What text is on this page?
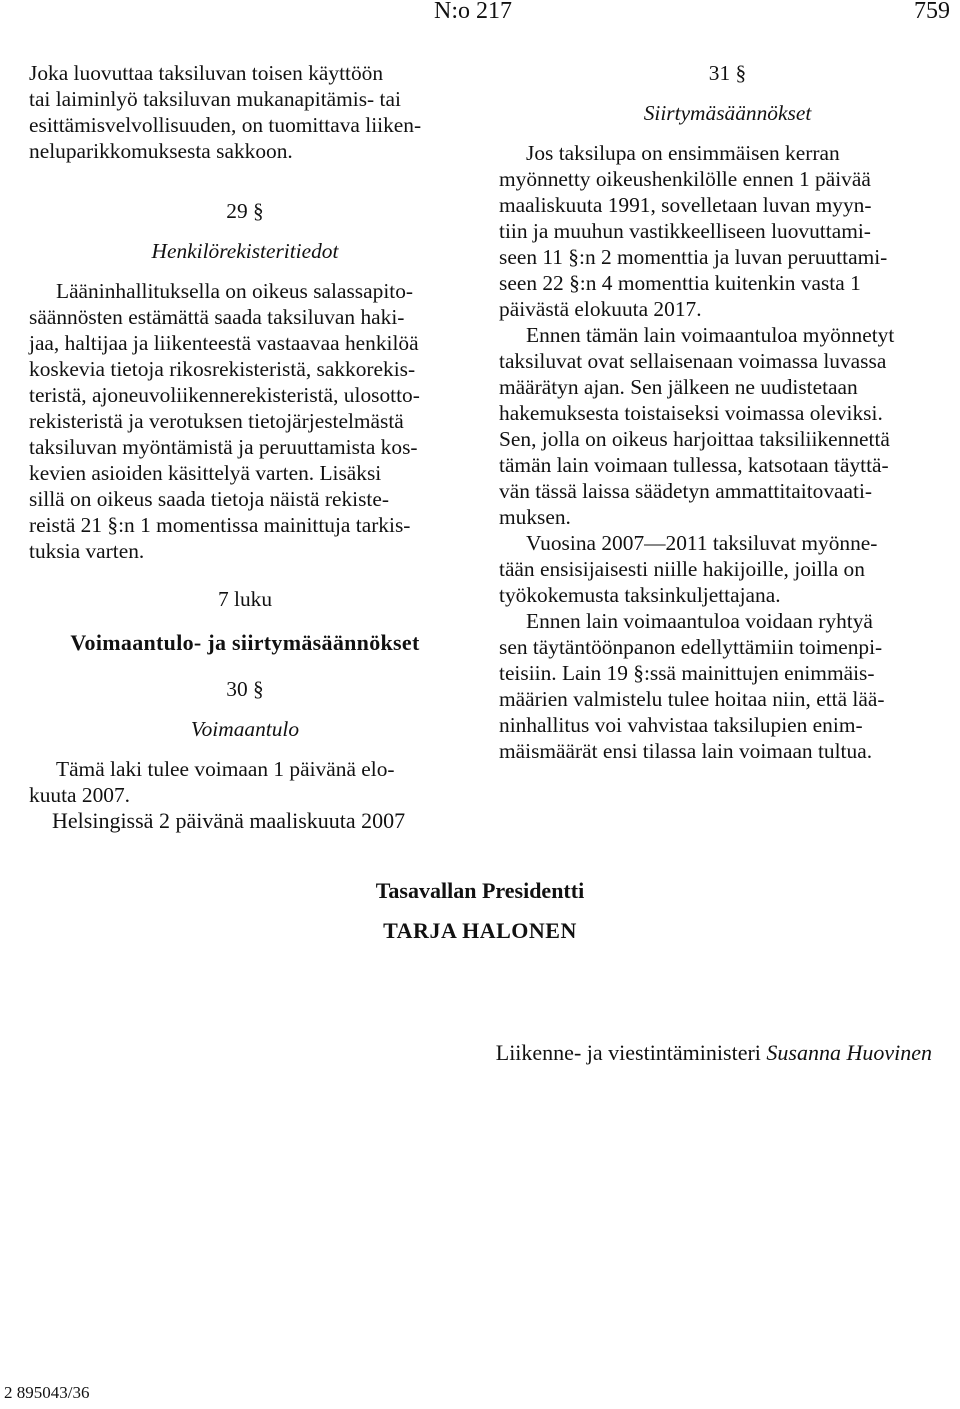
N:o 217	759

Joka luovuttaa taksiluvan toisen käyttöön
tai laiminlyö taksiluvan mukanapitämis- tai
esittämisvelvollisuuden, on tuomittava liiken-
neluparikkomuksesta sakkoon.

29 §

Henkilörekisteritiedot

Lääninhallituksella on oikeus salassapito-
säännösten estämättä saada taksiluvan haki-
jaa, haltijaa ja liikenteestä vastaavaa henkilöä
koskevia tietoja rikosrekisteristä, sakkorekis-
teristä, ajoneuvoliikennerekisteristä, ulosotto-
rekisteristä ja verotuksen tietojärjestelmästä
taksiluvan myöntämistä ja peruuttamista kos-
kevien asioiden käsittelyä varten. Lisäksi
sillä on oikeus saada tietoja näistä rekiste-
reistä 21 §:n 1 momentissa mainittuja tarkis-
tuksia varten.

7 luku

Voimaantulo- ja siirtymäsäännökset

30 §

Voimaantulo

Tämä laki tulee voimaan 1 päivänä elo-
kuuta 2007.

31 §

Siirtymäsäännökset

Jos taksilupa on ensimmäisen kerran
myönnetty oikeushenkilölle ennen 1 päivää
maaliskuuta 1991, sovelletaan luvan myyn-
tiin ja muuhun vastikkeelliseen luovuttami-
seen 11 §:n 2 momenttia ja luvan peruuttami-
seen 22 §:n 4 momenttia kuitenkin vasta 1
päivästä elokuuta 2017.

Ennen tämän lain voimaantuloa myönnetyt
taksiluvat ovat sellaisenaan voimassa luvassa
määrätyn ajan. Sen jälkeen ne uudistetaan
hakemuksesta toistaiseksi voimassa oleviksi.
Sen, jolla on oikeus harjoittaa taksiliikennettä
tämän lain voimaan tullessa, katsotaan täyttä-
vän tässä laissa säädetyn ammattitaitovaati-
muksen.

Vuosina 2007—2011 taksiluvat myönne-
tään ensisijaisesti niille hakijoille, joilla on
työkokemusta taksinkuljettajana.

Ennen lain voimaantuloa voidaan ryhtyä
sen täytäntöönpanon edellyttämiin toimenpi-
teisiin. Lain 19 §:ssä mainittujen enimmäis-
määrien valmistelu tulee hoitaa niin, että lää-
ninhallitus voi vahvistaa taksilupien enim-
mäismäärät ensi tilassa lain voimaan tultua.

Helsingissä 2 päivänä maaliskuuta 2007
Tasavallan Presidentti
TARJA HALONEN
Liikenne- ja viestintäministeri Susanna Huovinen
2 895043/36
